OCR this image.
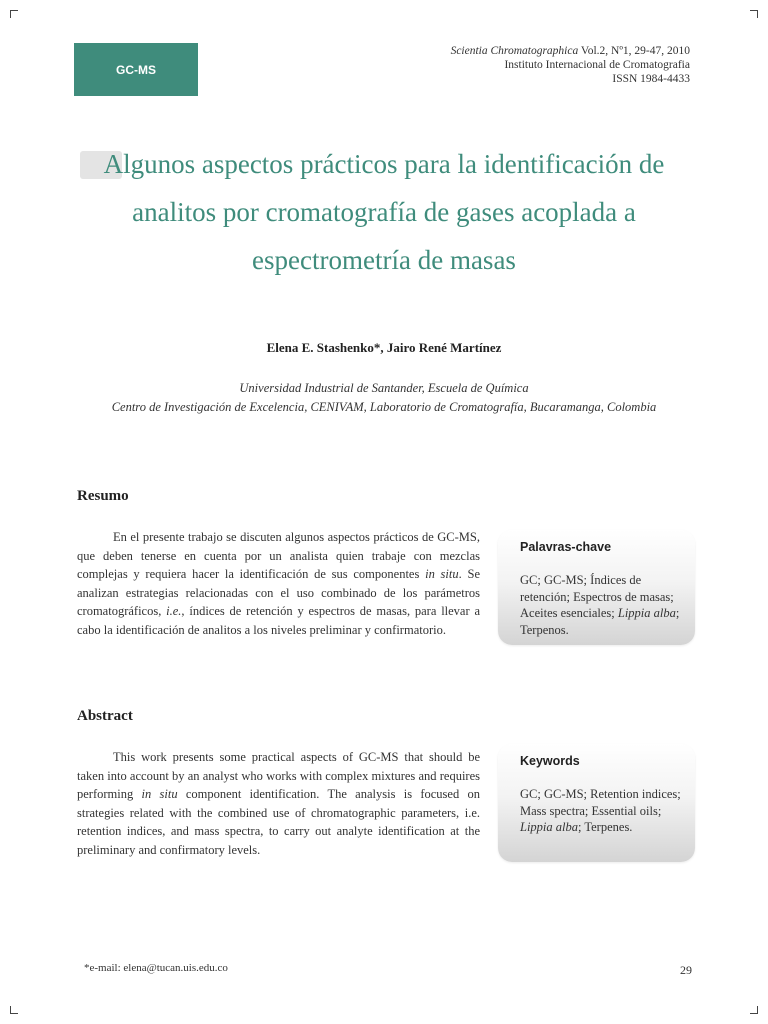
GC-MS
Scientia Chromatographica Vol.2, Nº1, 29-47, 2010
Instituto Internacional de Cromatografia
ISSN 1984-4433
Algunos aspectos prácticos para la identificación de analitos por cromatografía de gases acoplada a espectrometría de masas
Elena E. Stashenko*, Jairo René Martínez
Universidad Industrial de Santander, Escuela de Química
Centro de Investigación de Excelencia, CENIVAM, Laboratorio de Cromatografía, Bucaramanga, Colombia
Resumo

En el presente trabajo se discuten algunos aspectos prácticos de GC-MS, que deben tenerse en cuenta por un analista quien trabaje con mezclas complejas y requiera hacer la identificación de sus componentes in situ. Se analizan estrategias relacionadas con el uso combinado de los parámetros cromatográficos, i.e., índices de retención y espectros de masas, para llevar a cabo la identificación de analitos a los niveles preliminar y confirmatorio.

Palavras-chave
GC; GC-MS; Índices de retención; Espectros de masas; Aceites esenciales; Lippia alba; Terpenos.
Abstract

This work presents some practical aspects of GC-MS that should be taken into account by an analyst who works with complex mixtures and requires performing in situ component identification. The analysis is focused on strategies related with the combined use of chromatographic parameters, i.e. retention indices, and mass spectra, to carry out analyte identification at the preliminary and confirmatory levels.

Keywords
GC; GC-MS; Retention indices; Mass spectra; Essential oils; Lippia alba; Terpenes.
*e-mail: elena@tucan.uis.edu.co	29
